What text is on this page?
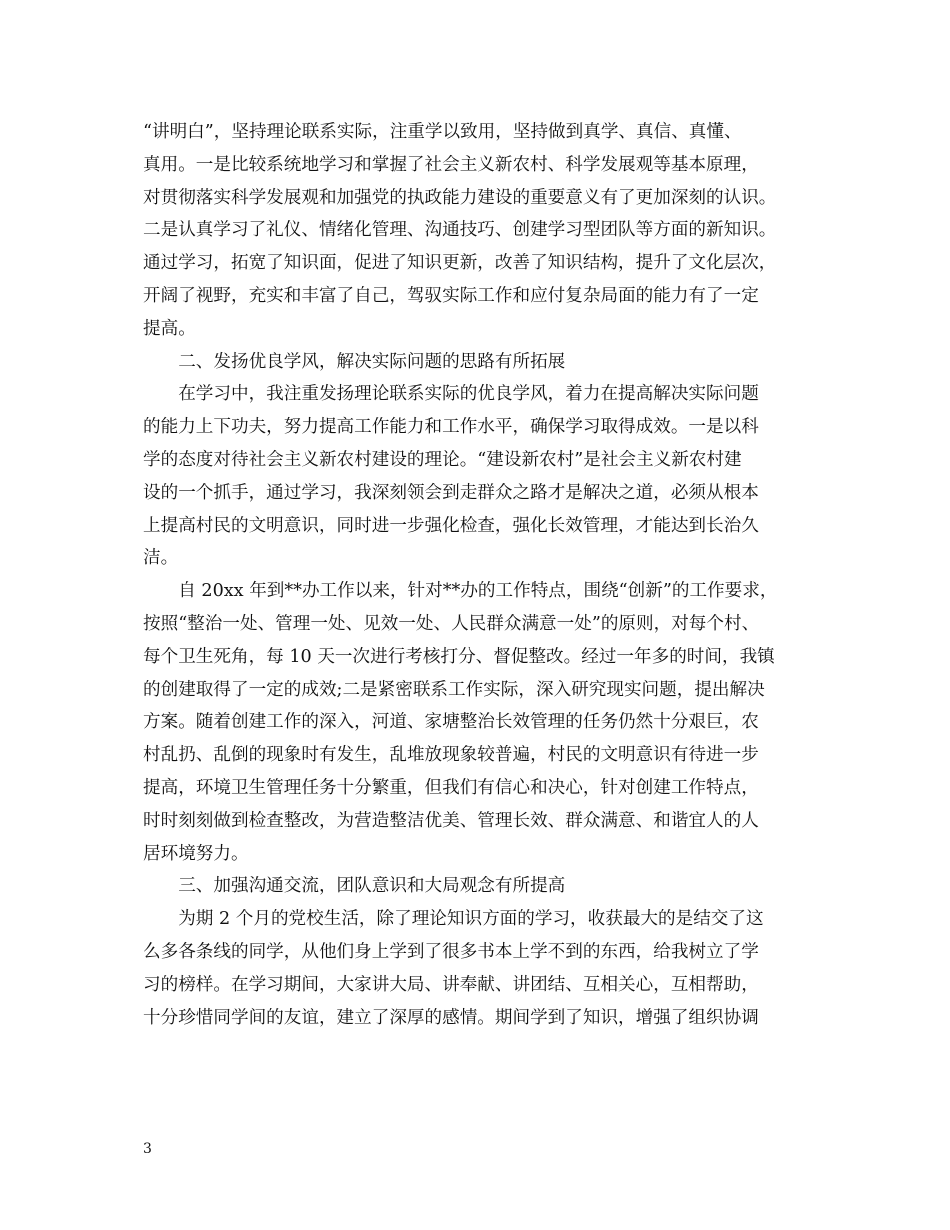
“讲明白”，坚持理论联系实际，注重学以致用，坚持做到真学、真信、真懂、
真用。一是比较系统地学习和掌握了社会主义新农村、科学发展观等基本原理，
对贯彻落实科学发展观和加强党的执政能力建设的重要意义有了更加深刻的认识。
二是认真学习了礼仪、情绪化管理、沟通技巧、创建学习型团队等方面的新知识。
通过学习，拓宽了知识面，促进了知识更新，改善了知识结构，提升了文化层次，
开阔了视野，充实和丰富了自己，驾驭实际工作和应付复杂局面的能力有了一定
提高。
　　二、发扬优良学风，解决实际问题的思路有所拓展
　　在学习中，我注重发扬理论联系实际的优良学风，着力在提高解决实际问题
的能力上下功夫，努力提高工作能力和工作水平，确保学习取得成效。一是以科
学的态度对待社会主义新农村建设的理论。“建设新农村”是社会主义新农村建
设的一个抓手，通过学习，我深刻领会到走群众之路才是解决之道，必须从根本
上提高村民的文明意识，同时进一步强化检查，强化长效管理，才能达到长治久
洁。
　　自 20xx 年到**办工作以来，针对**办的工作特点，围绕“创新”的工作要求，
按照“整治一处、管理一处、见效一处、人民群众满意一处”的原则，对每个村、
每个卫生死角，每 10 天一次进行考核打分、督促整改。经过一年多的时间，我镇
的创建取得了一定的成效;二是紧密联系工作实际，深入研究现实问题，提出解决
方案。随着创建工作的深入，河道、家塘整治长效管理的任务仍然十分艰巨，农
村乱扔、乱倒的现象时有发生，乱堆放现象较普遍，村民的文明意识有待进一步
提高，环境卫生管理任务十分繁重，但我们有信心和决心，针对创建工作特点，
时时刻刻做到检查整改，为营造整洁优美、管理长效、群众满意、和谐宜人的人
居环境努力。
　　三、加强沟通交流，团队意识和大局观念有所提高
　　为期 2 个月的党校生活，除了理论知识方面的学习，收获最大的是结交了这
么多各条线的同学，从他们身上学到了很多书本上学不到的东西，给我树立了学
习的榜样。在学习期间，大家讲大局、讲奉献、讲团结、互相关心，互相帮助，
十分珍惜同学间的友谊，建立了深厚的感情。期间学到了知识，增强了组织协调
3
